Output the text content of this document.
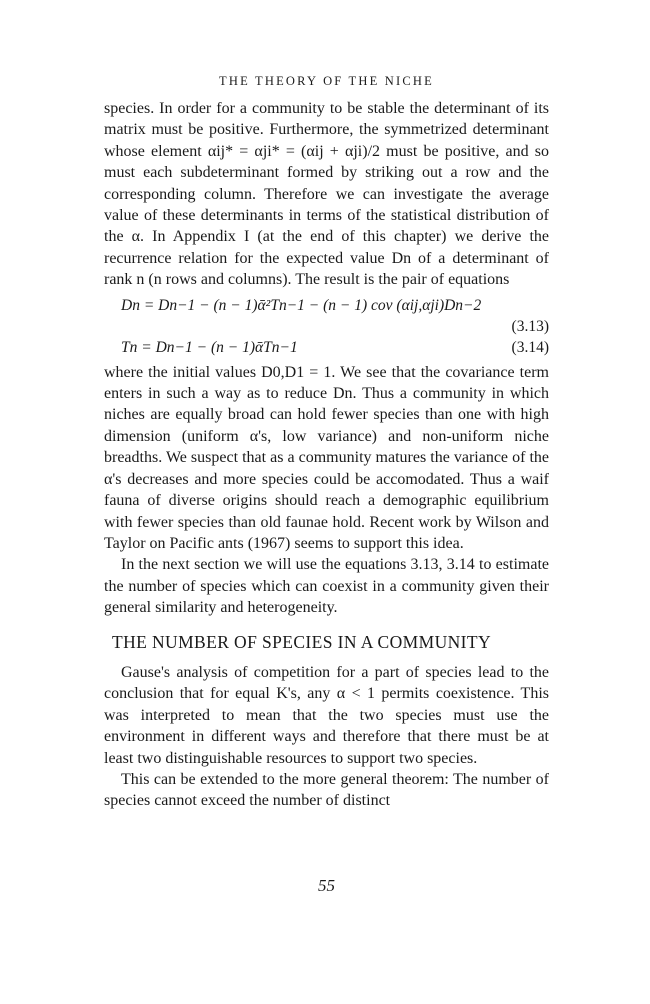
THE THEORY OF THE NICHE

species. In order for a community to be stable the determinant of its matrix must be positive. Furthermore, the symmetrized determinant whose element αij* = αji* = (αij + αji)/2 must be positive, and so must each subdeterminant formed by striking out a row and the corresponding column. Therefore we can investigate the average value of these determinants in terms of the statistical distribution of the α. In Appendix I (at the end of this chapter) we derive the recurrence relation for the expected value Dn of a determinant of rank n (n rows and columns). The result is the pair of equations

Dn = Dn−1 − (n − 1)ᾱ²Tn−1 − (n − 1) cov (αij,αji)Dn−2
(3.13)
Tn = Dn−1 − (n − 1)ᾱTn−1	(3.14)

where the initial values D0,D1 = 1. We see that the covariance term enters in such a way as to reduce Dn. Thus a community in which niches are equally broad can hold fewer species than one with high dimension (uniform α's, low variance) and non-uniform niche breadths. We suspect that as a community matures the variance of the α's decreases and more species could be accomodated. Thus a waif fauna of diverse origins should reach a demographic equilibrium with fewer species than old faunae hold. Recent work by Wilson and Taylor on Pacific ants (1967) seems to support this idea.

In the next section we will use the equations 3.13, 3.14 to estimate the number of species which can coexist in a community given their general similarity and heterogeneity.

THE NUMBER OF SPECIES IN A COMMUNITY

Gause's analysis of competition for a part of species lead to the conclusion that for equal K's, any α < 1 permits coexistence. This was interpreted to mean that the two species must use the environment in different ways and therefore that there must be at least two distinguishable resources to support two species.

This can be extended to the more general theorem: The number of species cannot exceed the number of distinct

55
